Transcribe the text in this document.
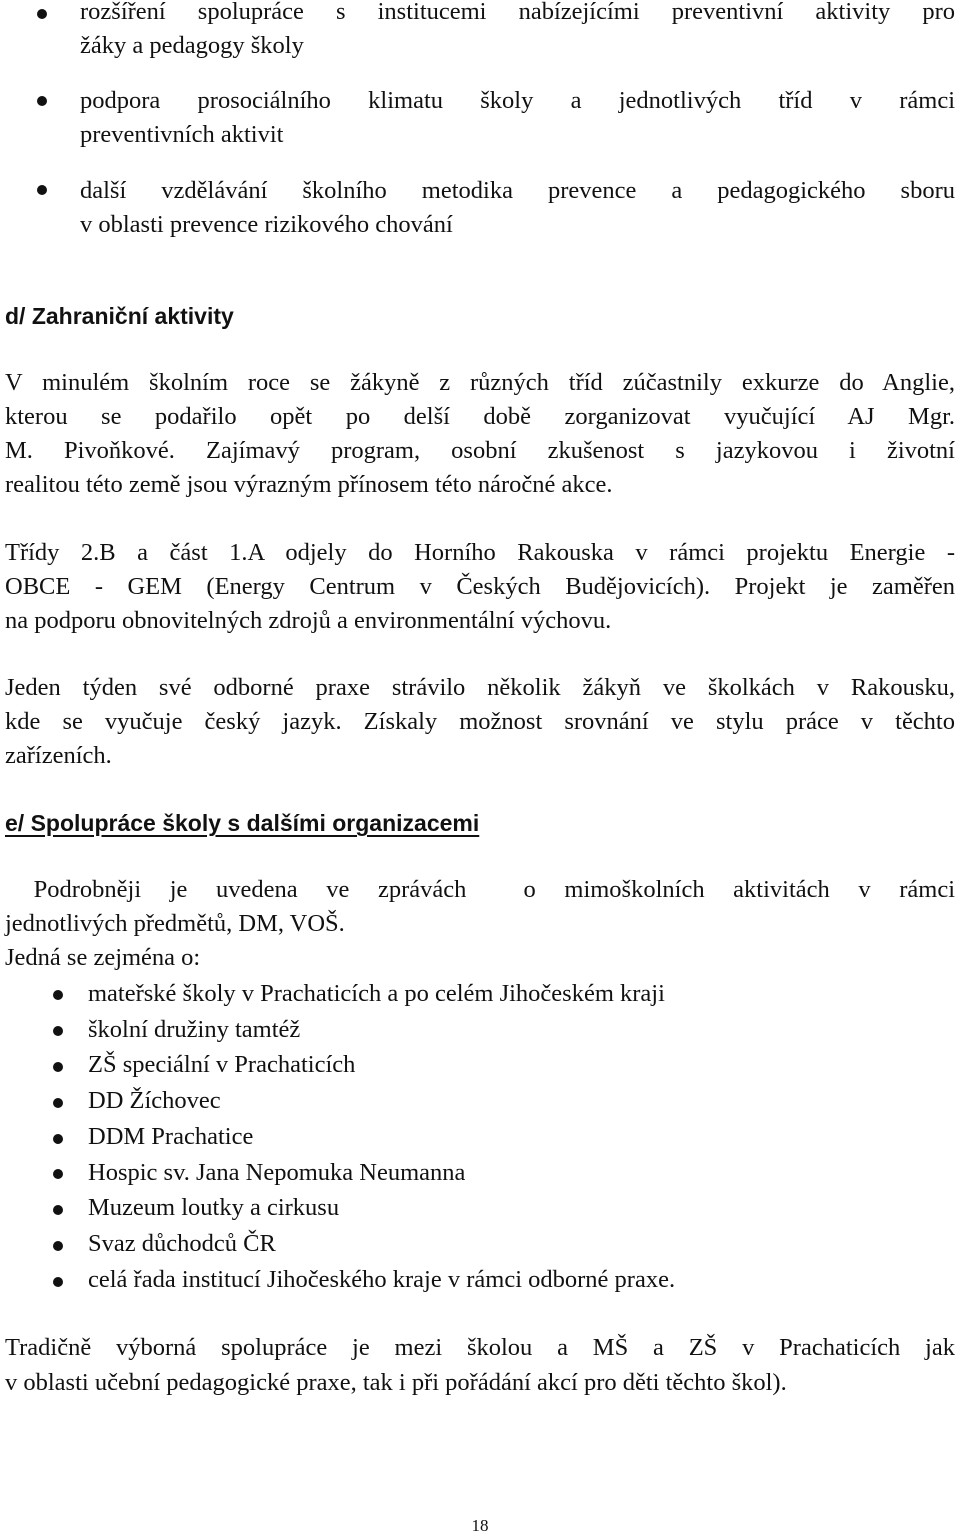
rozšíření spolupráce s institucemi nabízejícími preventivní aktivity pro
žáky a pedagogy školy
podpora prosociálního klimatu školy a jednotlivých tříd v rámci
preventivních aktivit
další vzdělávání školního metodika prevence a pedagogického sboru
v oblasti prevence rizikového chování
d/ Zahraniční aktivity
V minulém školním roce se žákyně z různých tříd zúčastnily exkurze do Anglie,
kterou se podařilo opět po delší době zorganizovat vyučující AJ Mgr.
M. Pivoňkové. Zajímavý program, osobní zkušenost s jazykovou i životní
realitou této země jsou výrazným přínosem této náročné akce.
Třídy 2.B a část 1.A odjely do Horního Rakouska v rámci projektu Energie -
OBCE - GEM (Energy Centrum v Českých Budějovicích). Projekt je zaměřen
na podporu obnovitelných zdrojů a environmentální výchovu.
Jeden týden své odborné praxe strávilo několik žákyň ve školkách v Rakousku,
kde se vyučuje český jazyk. Získaly možnost srovnání ve stylu práce v těchto
zařízeních.
e/ Spolupráce školy s dalšími organizacemi
Podrobněji je uvedena ve zprávách  o mimoškolních aktivitách v rámci
jednotlivých předmětů, DM, VOŠ.
Jedná se zejména o:
mateřské školy v Prachaticích a po celém Jihočeském kraji
školní družiny tamtéž
ZŠ speciální v Prachaticích
DD Žíchovec
DDM Prachatice
Hospic sv. Jana Nepomuka Neumanna
Muzeum loutky a cirkusu
Svaz důchodců ČR
celá řada institucí Jihočeského kraje v rámci odborné praxe.
Tradičně výborná spolupráce je mezi školou a MŠ a ZŠ v Prachaticích jak
v oblasti učební pedagogické praxe, tak i při pořádání akcí pro děti těchto škol).
18
